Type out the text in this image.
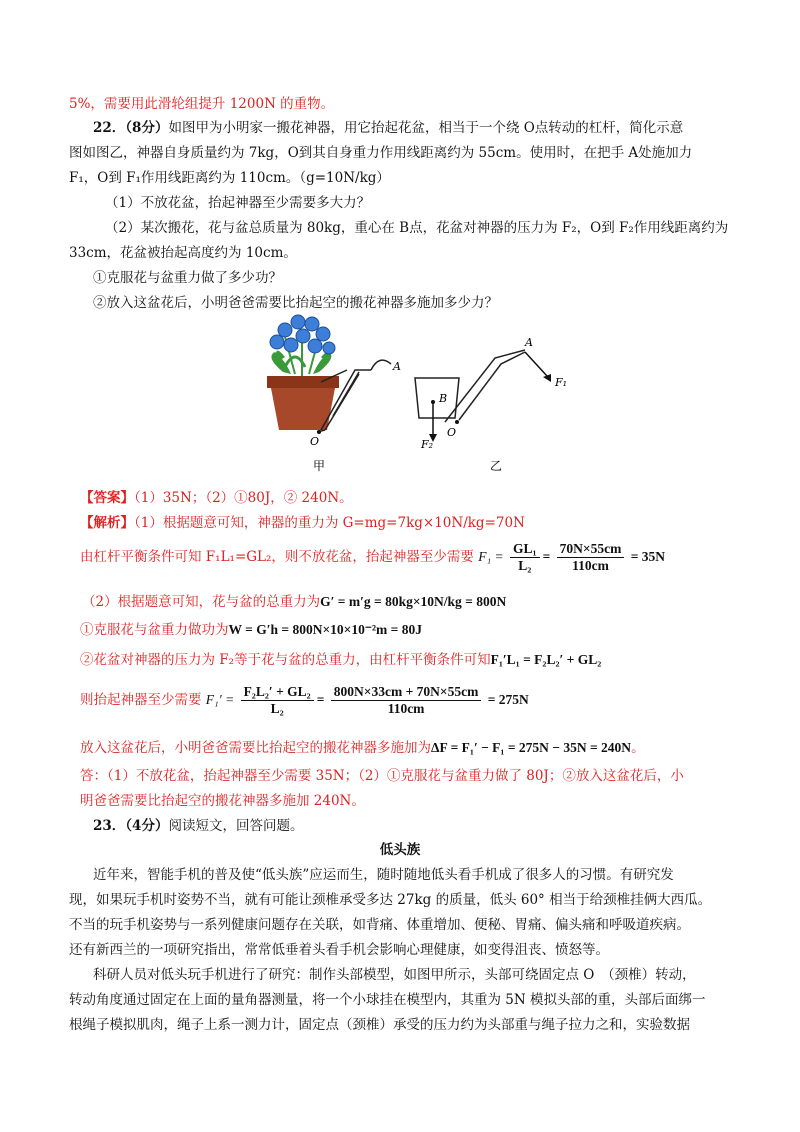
5%，需要用此滑轮组提升 1200N 的重物。
22．（8分）如图甲为小明家一搬花神器，用它抬起花盆，相当于一个绕 O点转动的杠杆，简化示意
图如图乙，神器自身质量约为 7kg，O到其自身重力作用线距离约为 55cm。使用时，在把手 A处施加力
F₁，O到 F₁作用线距离约为 110cm。（g=10N/kg）
（1）不放花盆，抬起神器至少需要多大力？
（2）某次搬花，花与盆总质量为 80kg，重心在 B点，花盆对神器的压力为 F₂，O到 F₂作用线距离约为
33cm，花盆被抬起高度约为 10cm。
①克服花与盆重力做了多少功？
②放入这盆花后，小明爸爸需要比抬起空的搬花神器多施加多少力？
A
O
甲
B
O
A
F₁
F₂
乙
【答案】（1）35N；（2）①80J，② 240N。
【解析】（1）根据题意可知，神器的重力为 G=mg=7kg×10N/kg=70N
由杠杆平衡条件可知 F₁L₁=GL₂，则不放花盆，抬起神器至少需要 $F_1 = \frac{\text{GL₁}}{\text{L₂}} = \frac{70N\times 55cm}{110cm} = 35N$
（2）根据题意可知，花与盆的总重力为G′ = m′g = 80kg×10N/kg = 800N
①克服花与盆重力做功为W = G′h = 800N×10×10⁻²m = 80J
②花盆对神器的压力为 F₂等于花与盆的总重力，由杠杆平衡条件可知F₁′L₁ = F₂L₂′ + GL₂
则抬起神器至少需要 $F_1' = \frac{\text{F₂L₂′ + GL₂}}{\text{L₂}} = \frac{800N\times 33cm + 70N\times 55cm}{110cm} = 275N$
放入这盆花后，小明爸爸需要比抬起空的搬花神器多施加为ΔF = F₁′ − F₁ = 275N − 35N = 240N。
答：（1）不放花盆，抬起神器至少需要 35N；（2）①克服花与盆重力做了 80J；②放入这盆花后，小
明爸爸需要比抬起空的搬花神器多施加 240N。
23．（4分）阅读短文，回答问题。
低头族
近年来，智能手机的普及使“低头族”应运而生，随时随地低头看手机成了很多人的习惯。有研究发
现，如果玩手机时姿势不当，就有可能让颈椎承受多达 27kg 的质量，低头 60° 相当于给颈椎挂俩大西瓜。
不当的玩手机姿势与一系列健康问题存在关联，如背痛、体重增加、便秘、胃痛、偏头痛和呼吸道疾病。
还有新西兰的一项研究指出，常常低垂着头看手机会影响心理健康，如变得沮丧、愤怒等。
科研人员对低头玩手机进行了研究：制作头部模型，如图甲所示，头部可绕固定点 O　（颈椎）转动，
转动角度通过固定在上面的量角器测量，将一个小球挂在模型内，其重为 5N 模拟头部的重，头部后面绑一
根绳子模拟肌肉，绳子上系一测力计，固定点（颈椎）承受的压力约为头部重与绳子拉力之和，实验数据
